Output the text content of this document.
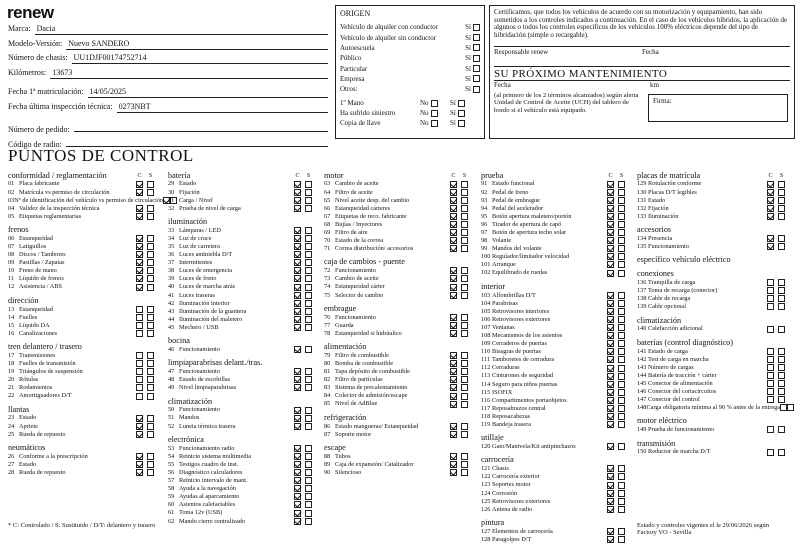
renew
Marca: Dacia
Modelo-Versión: Nuevo SANDERO
Número de chasis: UU1DJF00174752714
Kilómetros: 13673
Fecha 1ª matriculación: 14/05/2025
Fecha última inspección técnica: 0273NBT
Número de pedido:
Código de radio:
PUNTOS DE CONTROL
ORIGEN
Vehículo de alquiler con conductor	Sí
Vehículo de alquiler sin conductor	Sí
Autoescuela	Sí
Público	Sí
Particular	Sí
Empresa	Sí
Otros:	Sí
1º Mano	No	Sí
Ha sufrido siniestro	No	Sí
Copia de llave	No	Sí
Certificamos, que todos los vehículos de acuerdo con su motorización y equipamiento, han sido sometidos a los controles indicados a continuación. En el caso de los vehículos híbridos, la aplicación de algunos o todos los controles específicos de los vehículos 100% eléctricos depende del tipo de hibridación (simple o recargable).
Responsable renew	Fecha
SU PRÓXIMO MANTENIMIENTO
Fecha	km
(al primero de los 2 términos alcanzados) según alerta Unidad de Control de Aceite (UCH) del tablero de bordo si el vehículo está equipado.
Firma:
conformidad / reglamentación	C	S
01 Placa fabricante
02 Matrícula vs permiso de circulación
03 Nº de identificación del vehículo vs permiso de circulación
04 Validez de la inspección técnica
05 Etiquetas reglamentarias
frenos
06 Estanqueidad
07 Latiguillos
08 Discos / Tambores
09 Pastillas / Zapatas
10 Freno de mano
11 Líquido de frenos
12 Asistencia / ABS
dirección
13 Estanqueidad
14 Fuelles
15 Líquido DA
16 Canalizaciones
tren delantero / trasero
17 Transmisiones
18 Fuelles de transmisión
19 Triángulos de suspensión
20 Rótulas
21 Rodamientos
22 Amortiguadores D/T
llantas
23 Estado
24 Apriete
25 Rueda de repuesto
neumáticos
26 Conforme a la prescripción
27 Estado
28 Rueda de repuesto
batería	C	S
29 Estado
30 Fijación
31 Carga / Nivel
32 Prueba de nivel de carga
iluminación
33 Lámparas / LED
34 Luz de cruce
35 Luz de carretera
36 Luces antiniebla D/T
37 Intermitentes
38 Luces de emergencia
39 Luces de freno
40 Luces de marcha atrás
41 Luces traseras
42 Iluminación interior
43 Iluminación de la guantera
44 Iluminación del maletero
45 Mechero / USB
bocina
46 Funcionamiento
limpiaparabrisas delant./tras.
47 Funcionamiento
48 Estado de escobillas
49 Nivel limpiaparabrisas
climatización
50 Funcionamiento
51 Mandos
52 Luneta térmica trasera
electrónica
53 Funcionamiento radio
54 Reinicio sistema multimedia
55 Testigos cuadro de inst.
56 Diagnóstico calculadores
57 Reinicio intervalo de mant.
58 Ayuda a la navegación
59 Ayudas al aparcamiento
60 Asientos calefactables
61 Toma 12v (USB)
62 Mando cierre centralizado
motor	C	S
63 Cambio de aceite
64 Filtro de aceite
65 Nivel aceite desp. del cambio
66 Estanqueidad cárteres
67 Etiquetas de reco. fabricante
68 Bujías / Inyectores
69 Filtro de aire
70 Estado de la correa
71 Correa distribución/ accesorios
caja de cambios - puente
72 Funcionamiento
73 Cambio de aceite
74 Estanqueidad cárter
75 Selector de cambio
embrague
76 Funcionamiento
77 Guarda
78 Estanqueidad si hidráulico
alimentación
79 Filtro de combustible
80 Bomba de combustible
81 Tapa depósito de combustible
82 Filtro de partículas
83 Sistema de precalentamiento
84 Colector de admisión/escape
85 Nivel de AdBlue
refrigeración
86 Estado mangueras/ Estanqueidad
87 Soporte motor
escape
88 Tubos
89 Caja de expansión/ Catalizador
90 Silencioso
prueba	C	S
91 Estado funcional
92 Pedal de freno
93 Pedal de embrague
94 Pedal del acelerador
95 Botón apertura maletero/portón
96 Tirador de apertura de capó
97 Botón de apertura techo solar
98 Volante
99 Mandos del volante
100 Regulador/limitador velocidad
101 Arranque
102 Equilibrado de ruedas
interior
103 Alfombrillas D/T
104 Parabrisas
105 Retrovisores interiores
106 Retrovisores exteriores
107 Ventanas
108 Mecanismos de los asientos
109 Cerraderos de puertas
110 Bisagras de puertas
111 Tamboretes de cerradura
112 Cerraduras
113 Cinturones de seguridad
114 Seguro para niños puertas
115 ISOFIX
116 Compartimentos portaobjetos
117 Reposabrazos central
118 Reposacabezas
119 Bandeja trasera
utillaje
120 Gato/Manivela/Kit antipinchazos
carrocería
121 Chasis
122 Carrocería exterior
123 Soportes motor
124 Corrosión
125 Retrovisores exteriores
126 Antena de radio
pintura
127 Elementos de carrocería
128 Paragolpes D/T
placas de matrícula	C	S
129 Rotulación conforme
130 Placas D/T legibles
131 Estado
132 Fijación
133 Iluminación
accesorios
134 Presencia
135 Funcionamiento
específico vehículo eléctrico
conexiones
136 Trampilla de carga
137 Toma de recarga (conector)
138 Cable de recarga
139 Cable opcional
climatización
140 Calefacción adicional
baterías (control diagnóstico)
141 Estado de carga
142 Test de carga en marcha
143 Número de cargas
144 Batería de tracción + cárter
145 Conector de alimentación
146 Conector del cortacircuitos
147 Conector del control
148 Carga obligatoria mínima al 90 % antes de la entrega
motor eléctrico
149 Prueba de funcionamiento
transmisión
150 Reductor de marcha D/T
* C: Controlado / S: Sustituido / D/T: delantero y trasero	Estado y controles vigentes el le 29/06/2026 según Factory VO - Sevilla
